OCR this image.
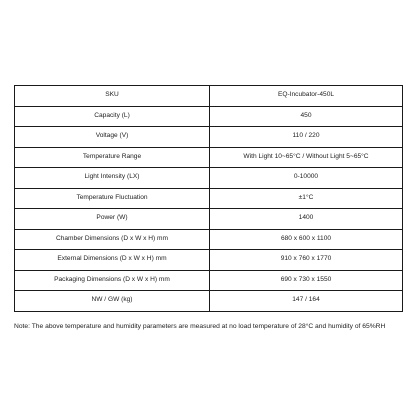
SKU	EQ-Incubator-450L
Capacity (L)	450
Voltage (V)	110 / 220
Temperature Range	With Light 10~65°C / Without Light 5~65°C
Light Intensity (LX)	0-10000
Temperature Fluctuation	±1°C
Power (W)	1400
Chamber Dimensions (D x W x H) mm	680 x 600 x 1100
External Dimensions (D x W x H) mm	910 x 760 x 1770
Packaging Dimensions (D x W x H) mm	690 x 730 x 1550
NW / GW (kg)	147 / 164

Note: The above temperature and humidity parameters are measured at no load temperature of 28°C and humidity of 65%RH
